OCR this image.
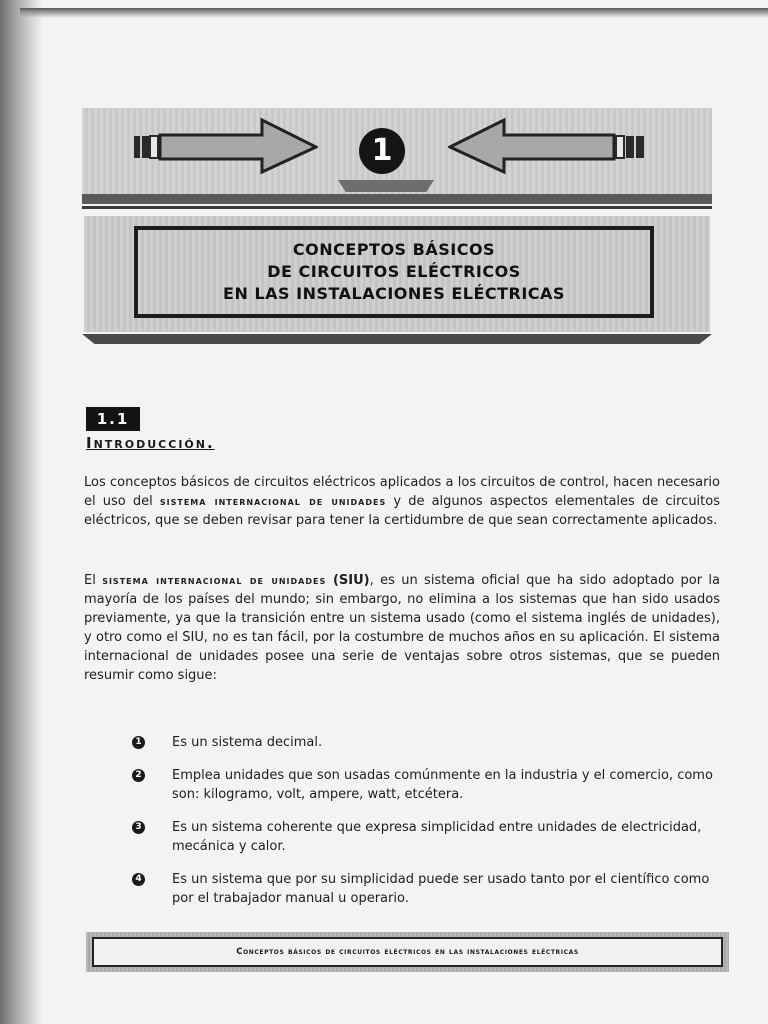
1
CONCEPTOS BÁSICOS
DE CIRCUITOS ELÉCTRICOS
EN LAS INSTALACIONES ELÉCTRICAS
1.1
Introducción.

Los conceptos básicos de circuitos eléctricos aplicados a los circuitos de control, hacen necesario el uso del sistema internacional de unidades y de algunos aspectos elementales de circuitos eléctricos, que se deben revisar para tener la certidumbre de que sean correctamente aplicados.

El sistema internacional de unidades (SIU), es un sistema oficial que ha sido adoptado por la mayoría de los países del mundo; sin embargo, no elimina a los sistemas que han sido usados previamente, ya que la transición entre un sistema usado (como el sistema inglés de unidades), y otro como el SIU, no es tan fácil, por la costumbre de muchos años en su aplicación. El sistema internacional de unidades posee una serie de ventajas sobre otros sistemas, que se pueden resumir como sigue:

1 Es un sistema decimal.
2 Emplea unidades que son usadas comúnmente en la industria y el comercio, como son: kilogramo, volt, ampere, watt, etcétera.
3 Es un sistema coherente que expresa simplicidad entre unidades de electricidad, mecánica y calor.
4 Es un sistema que por su simplicidad puede ser usado tanto por el científico como por el trabajador manual u operario.
Conceptos básicos de circuitos eléctricos en las instalaciones eléctricas
